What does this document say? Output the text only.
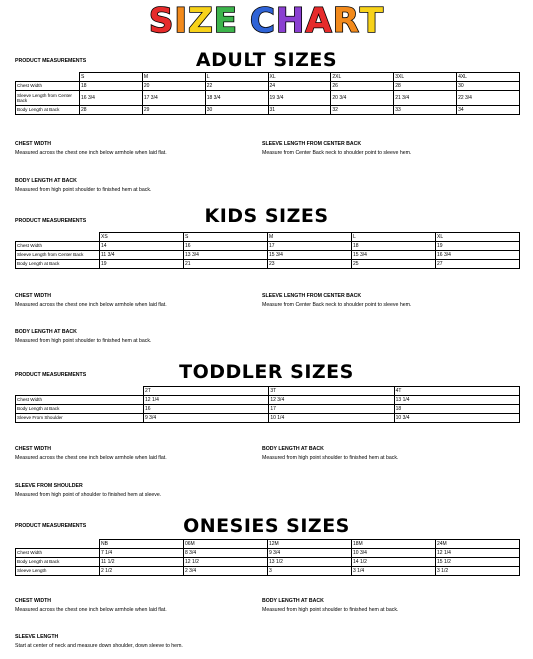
SIZE CHART
ADULT SIZES
PRODUCT MEASUREMENTS
	S	M	L	XL	2XL	3XL	4XL
Chest Width	18	20	22	24	26	28	30
Sleeve Length from Center Back	16 3/4	17 3/4	18 3/4	19 3/4	20 3/4	21 3/4	22 3/4
Body Length at Back	28	29	30	31	32	33	34
CHEST WIDTH
Measured across the chest one inch below armhole when laid flat.
SLEEVE LENGTH FROM CENTER BACK
Measure from Center Back neck to shoulder point to sleeve hem.
BODY LENGTH AT BACK
Measured from high point shoulder to finished hem at back.
KIDS SIZES
PRODUCT MEASUREMENTS
	XS	S	M	L	XL
Chest Width	14	16	17	18	19
Sleeve Length from Center Back	11 3/4	13 3/4	15 3/4	15 3/4	16 3/4
Body Length at Back	19	21	23	25	27
CHEST WIDTH
Measured across the chest one inch below armhole when laid flat.
SLEEVE LENGTH FROM CENTER BACK
Measure from Center Back neck to shoulder point to sleeve hem.
BODY LENGTH AT BACK
Measured from high point shoulder to finished hem at back.
TODDLER SIZES
PRODUCT MEASUREMENTS
	2T	3T	4T
Chest Width	12 1/4	12 3/4	13 1/4
Body Length at Back	16	17	18
Sleeve From Shoulder	9 3/4	10 1/4	10 3/4
CHEST WIDTH
Measured across the chest one inch below armhole when laid flat.
BODY LENGTH AT BACK
Measured from high point shoulder to finished hem at back.
SLEEVE FROM SHOULDER
Measured from high point of shoulder to finished hem at sleeve.
ONESIES SIZES
PRODUCT MEASUREMENTS
	NB	06M	12M	18M	24M
Chest Width	7 1/4	8 3/4	9 3/4	10 3/4	12 1/4
Body Length at Back	11 1/2	12 1/2	13 1/2	14 1/2	15 1/2
Sleeve Length	2 1/2	2 3/4	3	3 1/4	3 1/2
CHEST WIDTH
Measured across the chest one inch below armhole when laid flat.
BODY LENGTH AT BACK
Measured from high point shoulder to finished hem at back.
SLEEVE LENGTH
Start at center of neck and measure down shoulder, down sleeve to hem.
